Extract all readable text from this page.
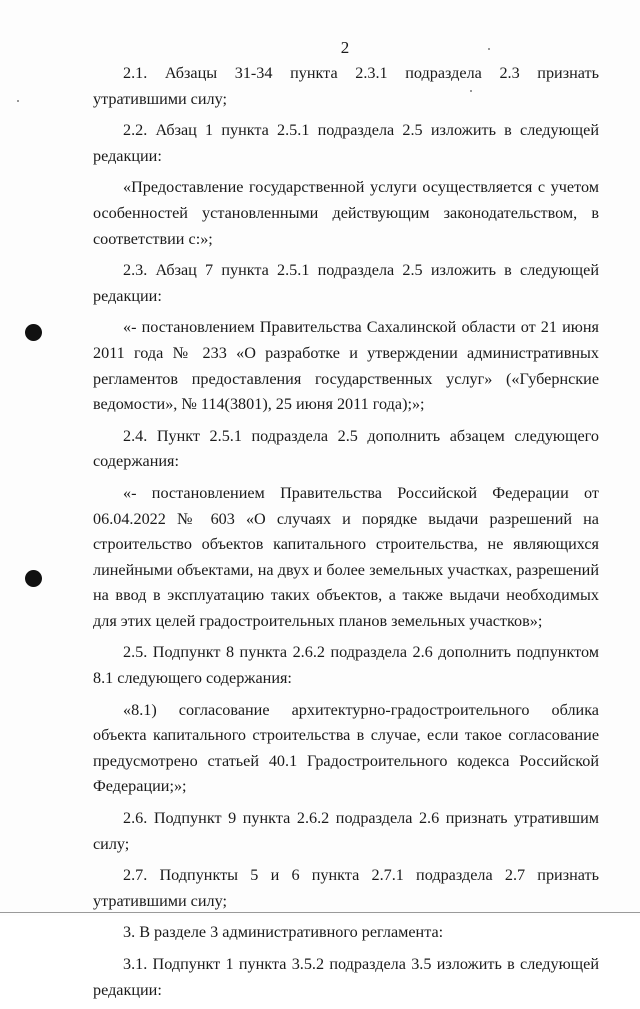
2

2.1. Абзацы 31-34 пункта 2.3.1 подраздела 2.3 признать утратившими силу;

2.2. Абзац 1 пункта 2.5.1 подраздела 2.5 изложить в следующей редакции:

«Предоставление государственной услуги осуществляется с учетом особенностей установленными действующим законодательством, в соответствии с:»;

2.3. Абзац 7 пункта 2.5.1 подраздела 2.5 изложить в следующей редакции:

«- постановлением Правительства Сахалинской области от 21 июня 2011 года № 233 «О разработке и утверждении административных регламентов предоставления государственных услуг» («Губернские ведомости», № 114(3801), 25 июня 2011 года);»;

2.4. Пункт 2.5.1 подраздела 2.5 дополнить абзацем следующего содержания:

«- постановлением Правительства Российской Федерации от 06.04.2022 № 603 «О случаях и порядке выдачи разрешений на строительство объектов капитального строительства, не являющихся линейными объектами, на двух и более земельных участках, разрешений на ввод в эксплуатацию таких объектов, а также выдачи необходимых для этих целей градостроительных планов земельных участков»;

2.5. Подпункт 8 пункта 2.6.2 подраздела 2.6 дополнить подпунктом 8.1 следующего содержания:

«8.1) согласование архитектурно-градостроительного облика объекта капитального строительства в случае, если такое согласование предусмотрено статьей 40.1 Градостроительного кодекса Российской Федерации;»;

2.6. Подпункт 9 пункта 2.6.2 подраздела 2.6 признать утратившим силу;

2.7. Подпункты 5 и 6 пункта 2.7.1 подраздела 2.7 признать утратившими силу;

3. В разделе 3 административного регламента:

3.1. Подпункт 1 пункта 3.5.2 подраздела 3.5 изложить в следующей редакции:
